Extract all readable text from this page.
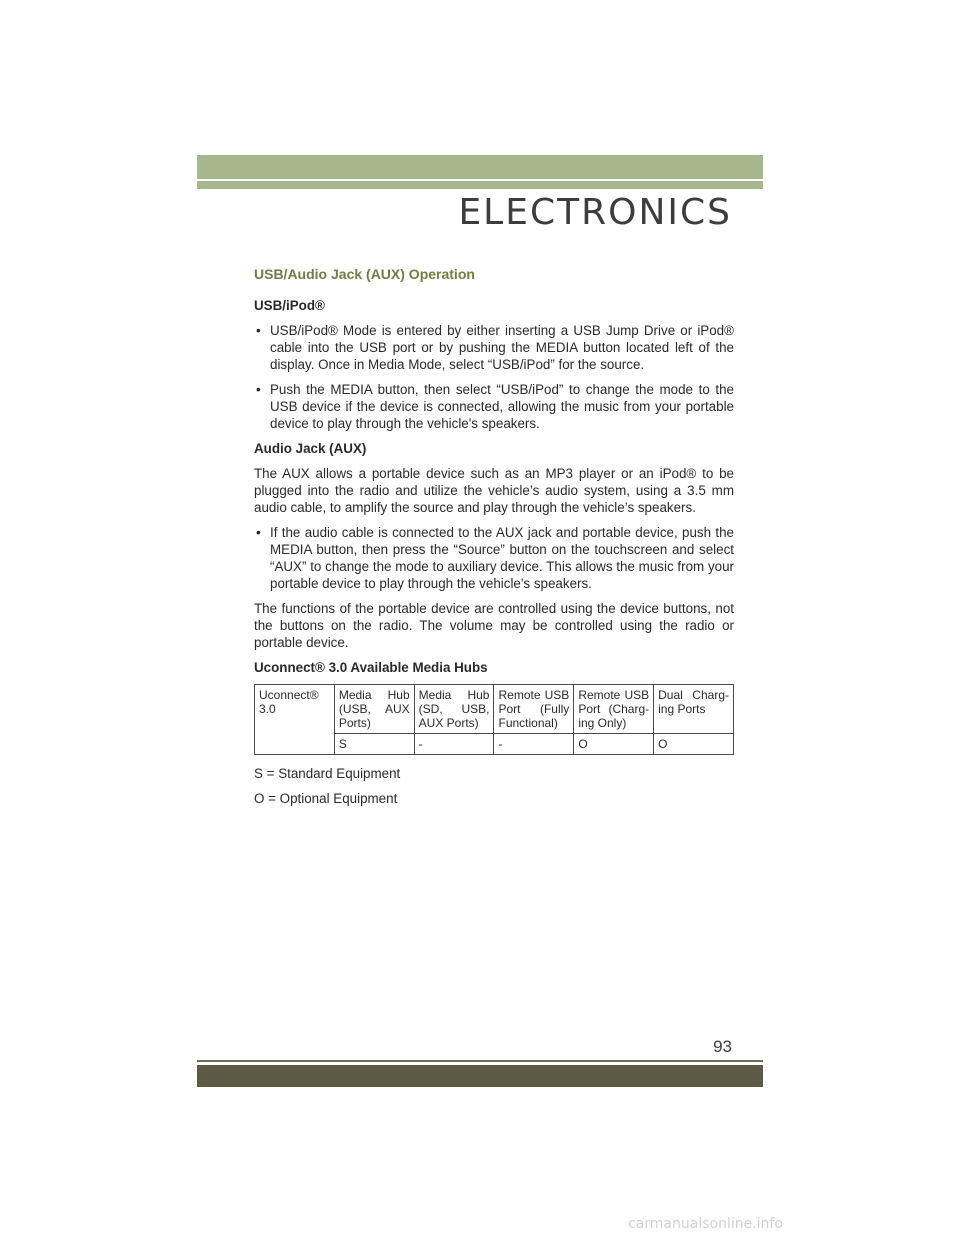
ELECTRONICS
USB/Audio Jack (AUX) Operation
USB/iPod®
• USB/iPod® Mode is entered by either inserting a USB Jump Drive or iPod® cable into the USB port or by pushing the MEDIA button located left of the display. Once in Media Mode, select “USB/iPod” for the source.
• Push the MEDIA button, then select “USB/iPod” to change the mode to the USB device if the device is connected, allowing the music from your portable device to play through the vehicle's speakers.
Audio Jack (AUX)

The AUX allows a portable device such as an MP3 player or an iPod® to be plugged into the radio and utilize the vehicle’s audio system, using a 3.5 mm audio cable, to amplify the source and play through the vehicle’s speakers.

• If the audio cable is connected to the AUX jack and portable device, push the MEDIA button, then press the “Source” button on the touchscreen and select “AUX” to change the mode to auxiliary device. This allows the music from your portable device to play through the vehicle's speakers.

The functions of the portable device are controlled using the device buttons, not the buttons on the radio. The volume may be controlled using the radio or portable device.

Uconnect® 3.0 Available Media Hubs
Uconnect® 3.0	Media Hub (USB, AUX Ports)	Media Hub (SD, USB, AUX Ports)	Remote USB Port (Fully Functional)	Remote USB Port (Charg-ing Only)	Dual Charg-ing Ports
	S	-	-	O	O

S = Standard Equipment

O = Optional Equipment

93
carmanualsonline.info
